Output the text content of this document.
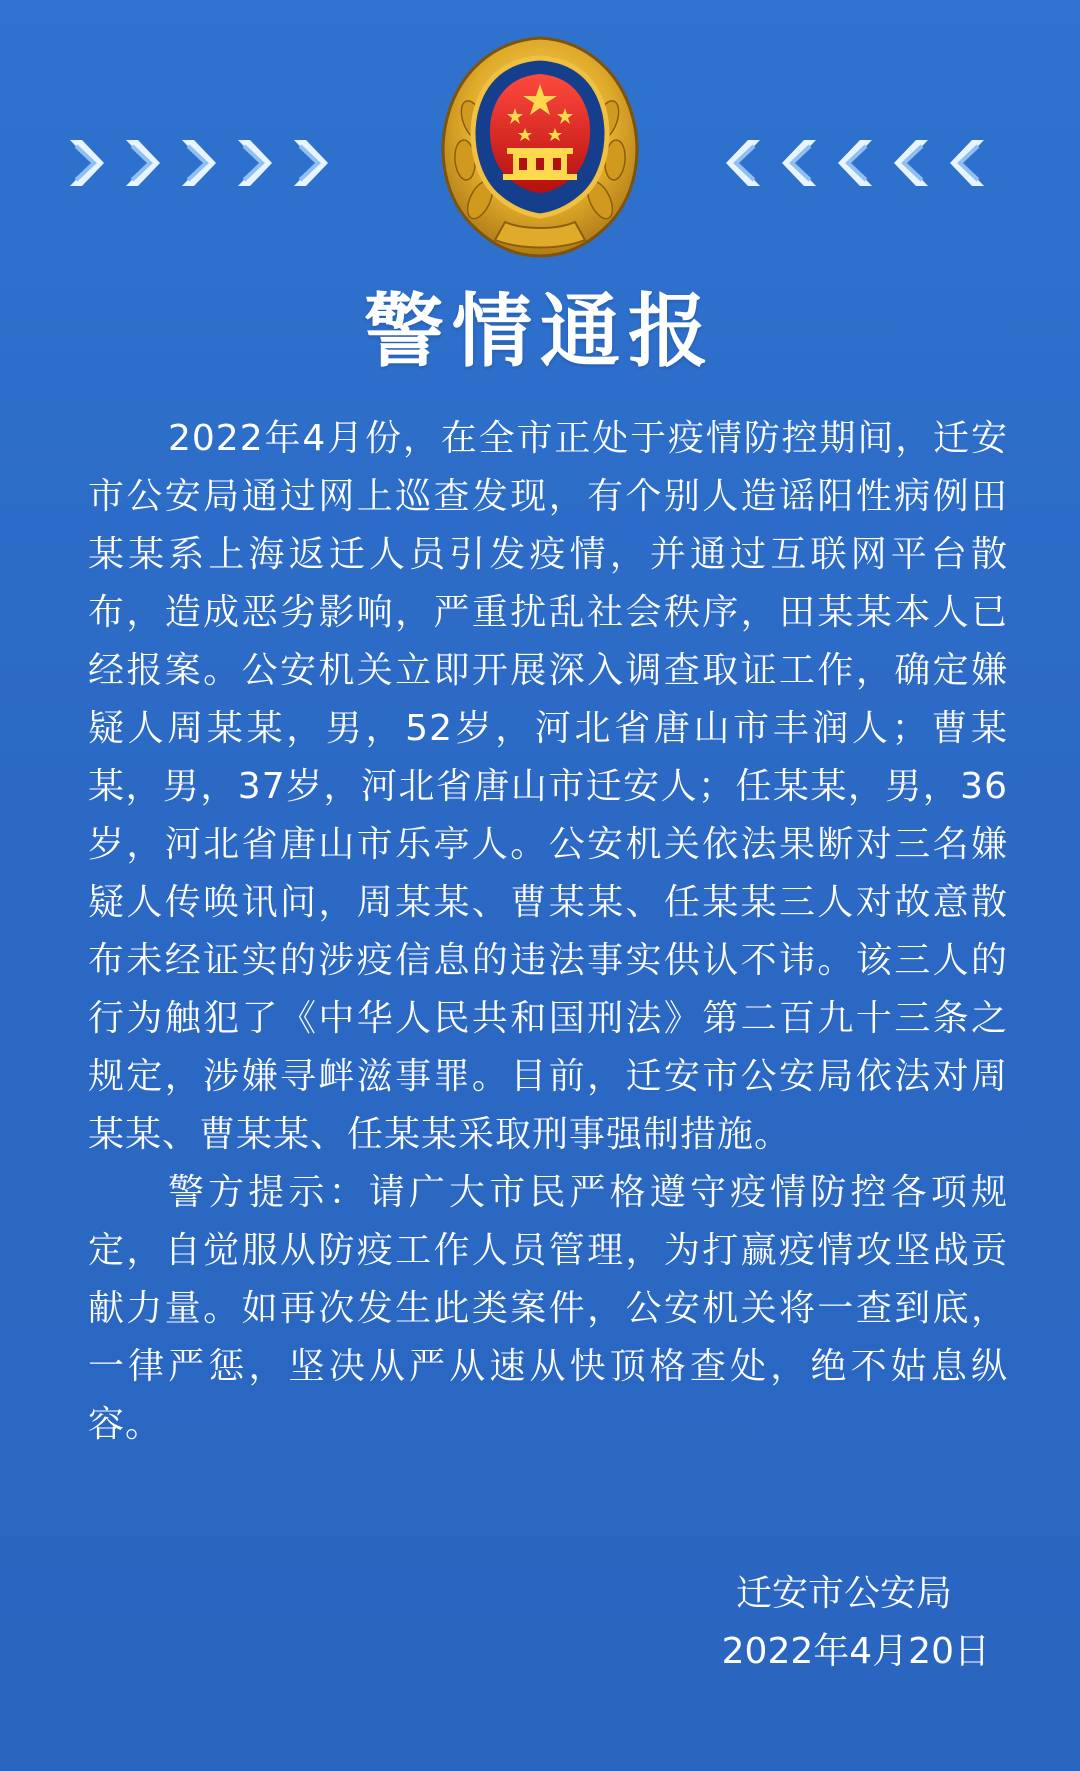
警情通报

2022年4月份，在全市正处于疫情防控期间，迁安市公安局通过网上巡查发现，有个别人造谣阳性病例田某某系上海返迁人员引发疫情，并通过互联网平台散布，造成恶劣影响，严重扰乱社会秩序，田某某本人已经报案。公安机关立即开展深入调查取证工作，确定嫌疑人周某某，男，52岁，河北省唐山市丰润人；曹某某，男，37岁，河北省唐山市迁安人；任某某，男，36岁，河北省唐山市乐亭人。公安机关依法果断对三名嫌疑人传唤讯问，周某某、曹某某、任某某三人对故意散布未经证实的涉疫信息的违法事实供认不讳。该三人的行为触犯了《中华人民共和国刑法》第二百九十三条之规定，涉嫌寻衅滋事罪。目前，迁安市公安局依法对周某某、曹某某、任某某采取刑事强制措施。

警方提示：请广大市民严格遵守疫情防控各项规定，自觉服从防疫工作人员管理，为打赢疫情攻坚战贡献力量。如再次发生此类案件，公安机关将一查到底，一律严惩，坚决从严从速从快顶格查处，绝不姑息纵容。

迁安市公安局
2022年4月20日
